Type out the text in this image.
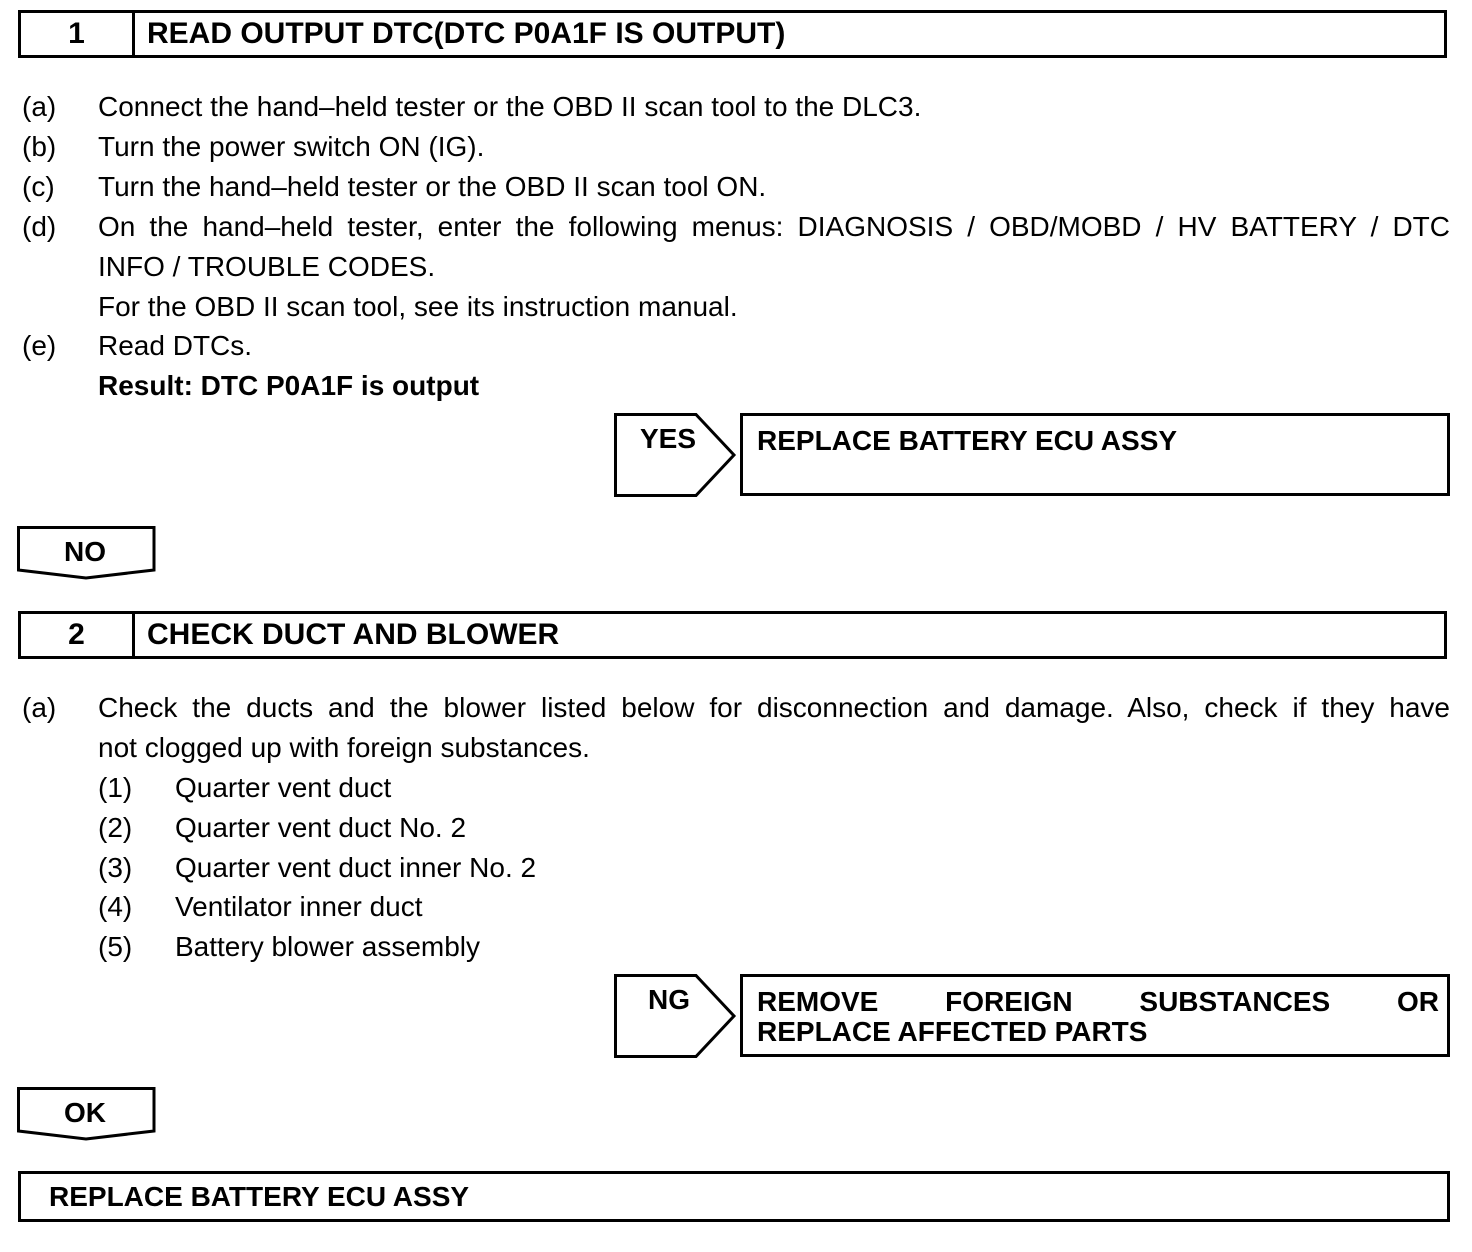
1	READ OUTPUT DTC(DTC P0A1F IS OUTPUT)
(a) Connect the hand–held tester or the OBD II scan tool to the DLC3.
(b) Turn the power switch ON (IG).
(c) Turn the hand–held tester or the OBD II scan tool ON.
(d) On the hand–held tester, enter the following menus: DIAGNOSIS / OBD/MOBD / HV BATTERY / DTC
INFO / TROUBLE CODES.
For the OBD II scan tool, see its instruction manual.
(e) Read DTCs.
Result: DTC P0A1F is output
YES REPLACE BATTERY ECU ASSY
NO
2	CHECK DUCT AND BLOWER
(a) Check the ducts and the blower listed below for disconnection and damage. Also, check if they have
not clogged up with foreign substances.
(1) Quarter vent duct
(2) Quarter vent duct No. 2
(3) Quarter vent duct inner No. 2
(4) Ventilator inner duct
(5) Battery blower assembly
NG REMOVE FOREIGN SUBSTANCES OR
REPLACE AFFECTED PARTS
OK
REPLACE BATTERY ECU ASSY
